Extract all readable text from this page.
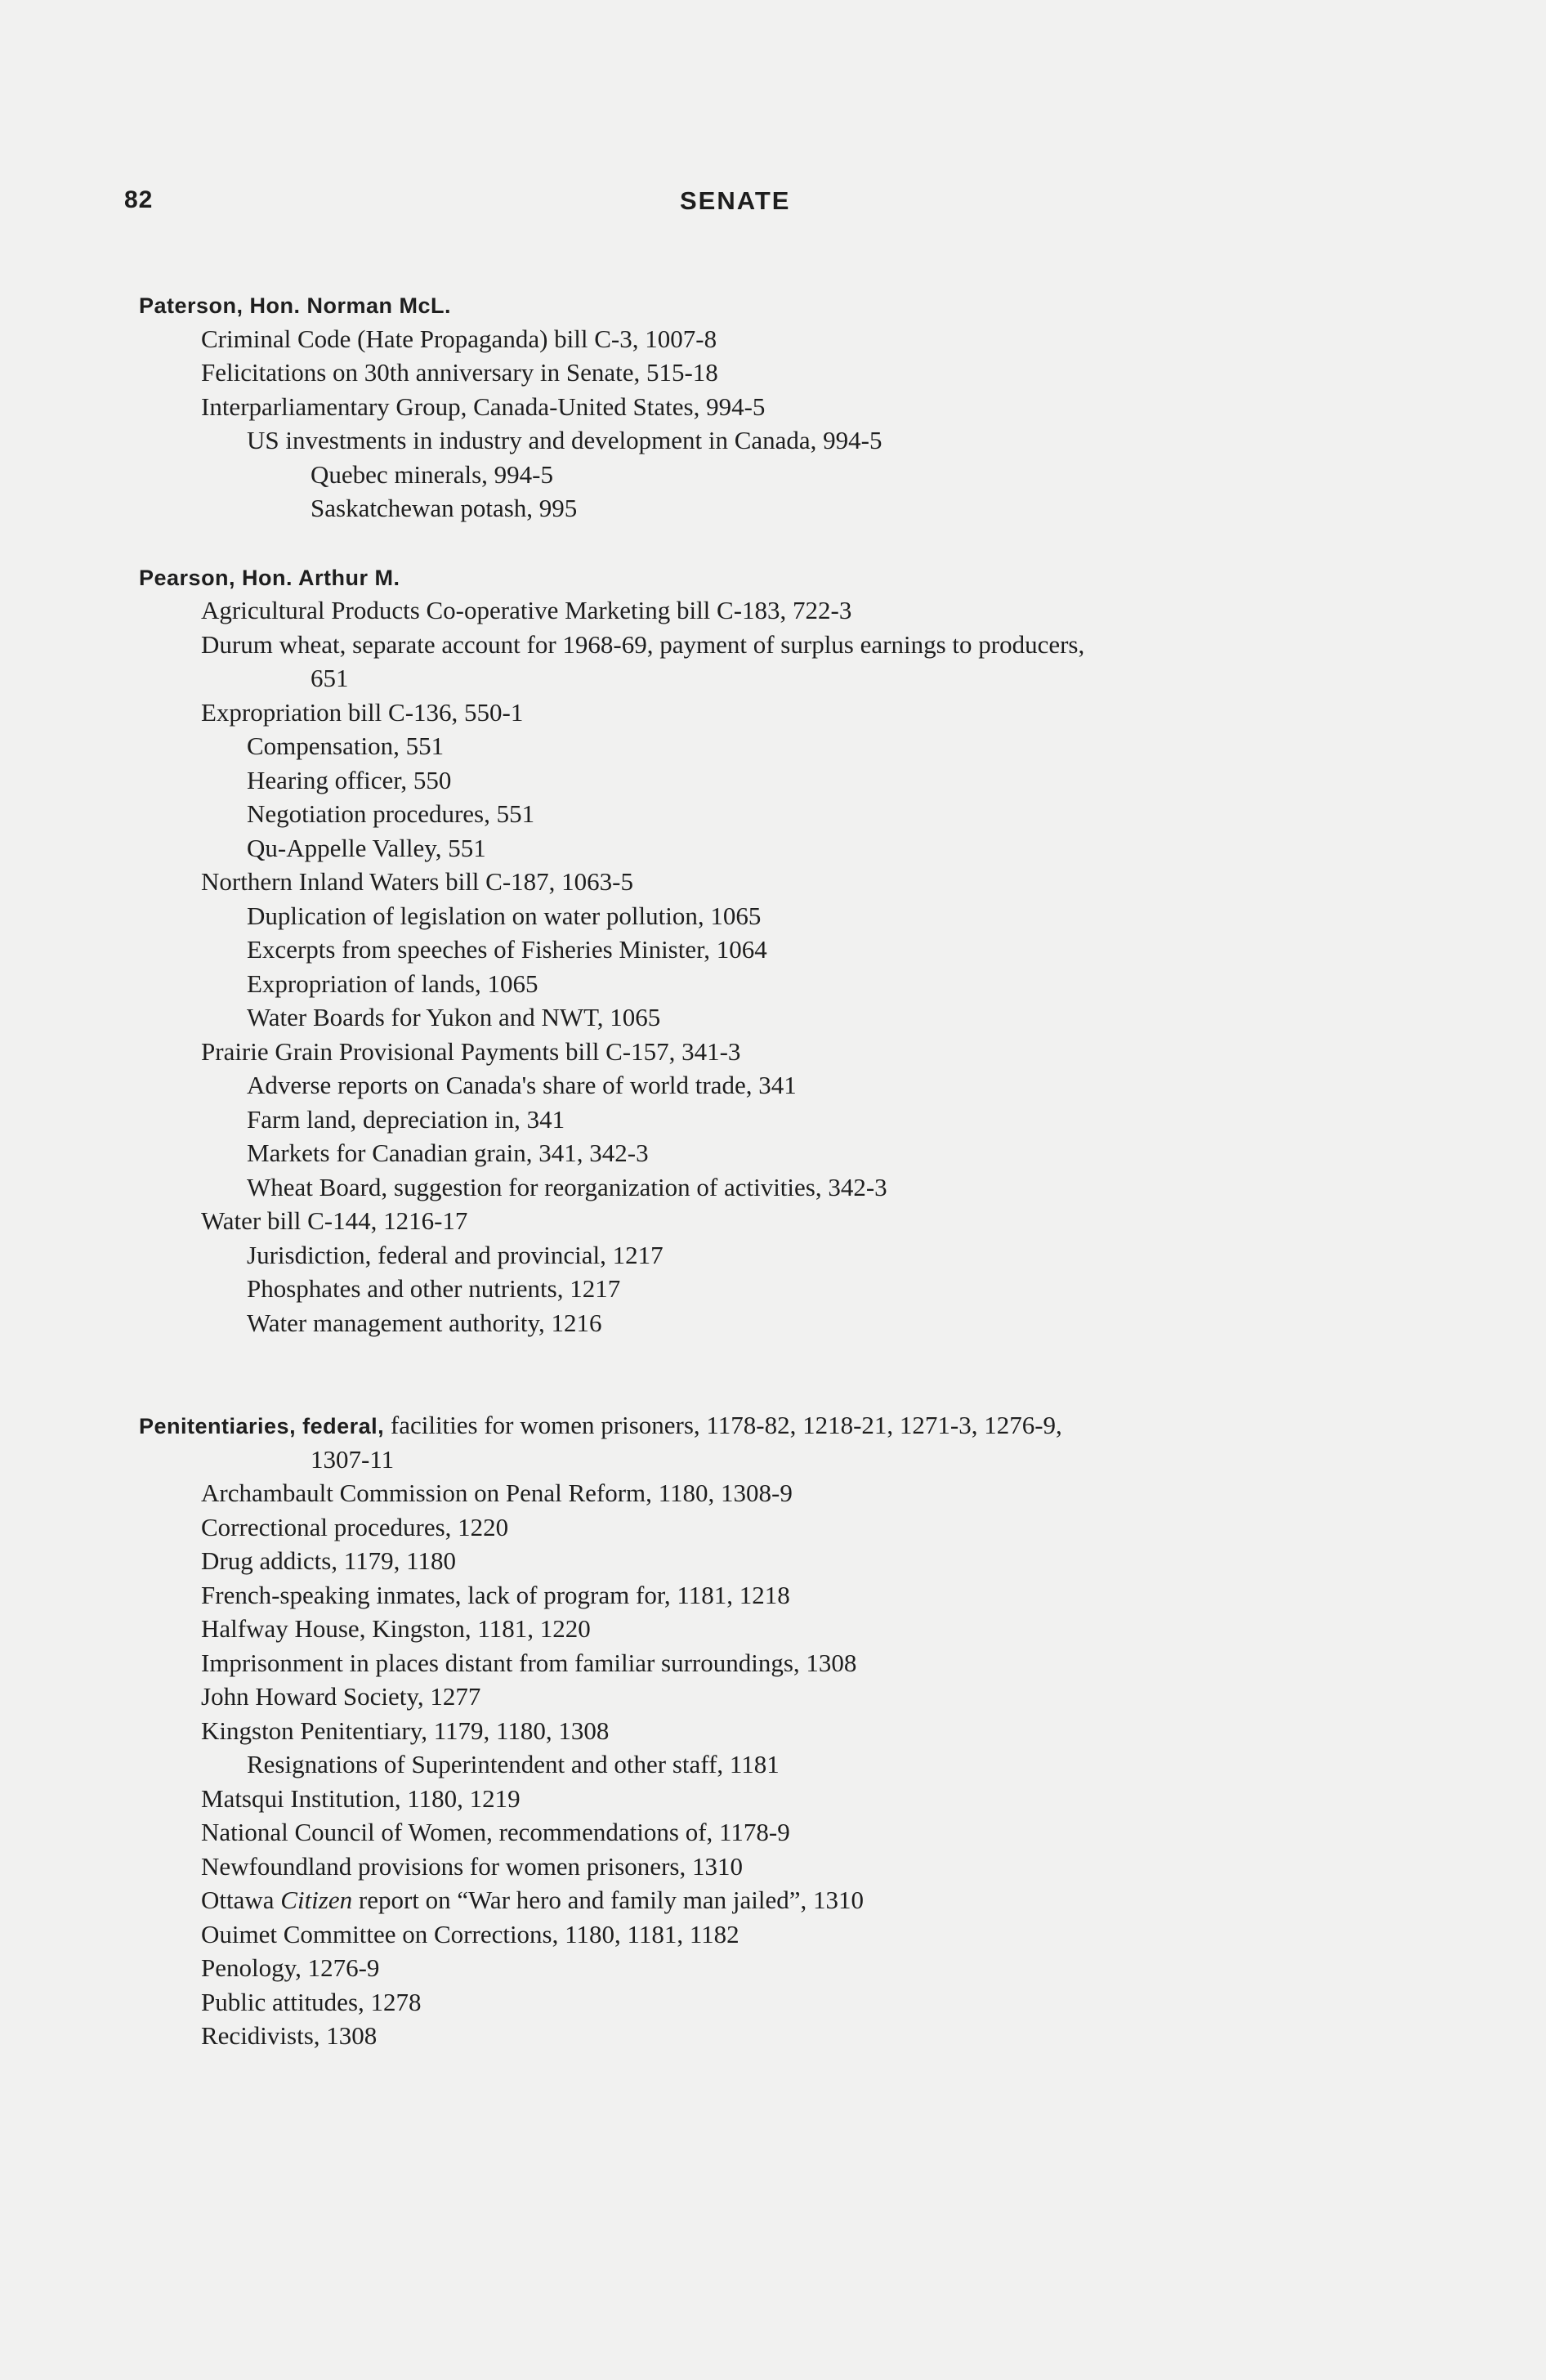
82	SENATE
Paterson, Hon. Norman McL.
Criminal Code (Hate Propaganda) bill C-3, 1007-8
Felicitations on 30th anniversary in Senate, 515-18
Interparliamentary Group, Canada-United States, 994-5
US investments in industry and development in Canada, 994-5
Quebec minerals, 994-5
Saskatchewan potash, 995
Pearson, Hon. Arthur M.
Agricultural Products Co-operative Marketing bill C-183, 722-3
Durum wheat, separate account for 1968-69, payment of surplus earnings to producers,
651
Expropriation bill C-136, 550-1
Compensation, 551
Hearing officer, 550
Negotiation procedures, 551
Qu-Appelle Valley, 551
Northern Inland Waters bill C-187, 1063-5
Duplication of legislation on water pollution, 1065
Excerpts from speeches of Fisheries Minister, 1064
Expropriation of lands, 1065
Water Boards for Yukon and NWT, 1065
Prairie Grain Provisional Payments bill C-157, 341-3
Adverse reports on Canada's share of world trade, 341
Farm land, depreciation in, 341
Markets for Canadian grain, 341, 342-3
Wheat Board, suggestion for reorganization of activities, 342-3
Water bill C-144, 1216-17
Jurisdiction, federal and provincial, 1217
Phosphates and other nutrients, 1217
Water management authority, 1216
Penitentiaries, federal, facilities for women prisoners, 1178-82, 1218-21, 1271-3, 1276-9,
1307-11
Archambault Commission on Penal Reform, 1180, 1308-9
Correctional procedures, 1220
Drug addicts, 1179, 1180
French-speaking inmates, lack of program for, 1181, 1218
Halfway House, Kingston, 1181, 1220
Imprisonment in places distant from familiar surroundings, 1308
John Howard Society, 1277
Kingston Penitentiary, 1179, 1180, 1308
Resignations of Superintendent and other staff, 1181
Matsqui Institution, 1180, 1219
National Council of Women, recommendations of, 1178-9
Newfoundland provisions for women prisoners, 1310
Ottawa Citizen report on “War hero and family man jailed”, 1310
Ouimet Committee on Corrections, 1180, 1181, 1182
Penology, 1276-9
Public attitudes, 1278
Recidivists, 1308
